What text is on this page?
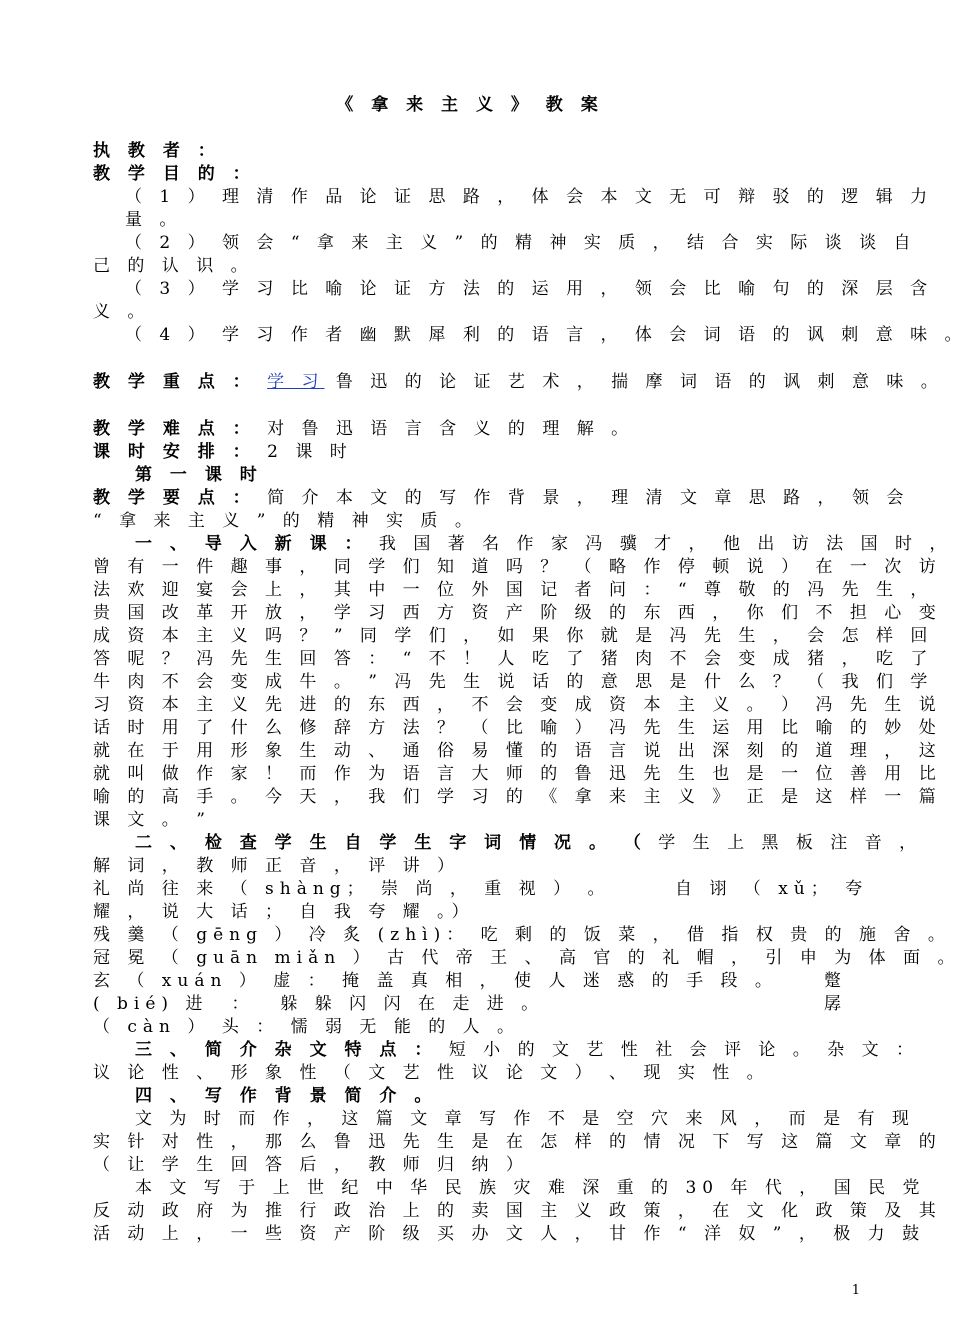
《 拿 来 主 义 》 教 案
执 教 者 ：
教 学 目 的 ：
（ 1 ） 理 清 作 品 论 证 思 路 ， 体 会 本 文 无 可 辩 驳 的 逻 辑 力
量 。
（ 2 ） 领 会 “ 拿 来 主 义 ” 的 精 神 实 质 ， 结 合 实 际 谈 谈 自
己 的 认 识 。
（ 3 ） 学 习 比 喻 论 证 方 法 的 运 用 ， 领 会 比 喻 句 的 深 层 含
义 。
（ 4 ） 学 习 作 者 幽 默 犀 利 的 语 言 ， 体 会 词 语 的 讽 刺 意 味 。
教 学 重 点 ： 学 习 鲁 迅 的 论 证 艺 术 ， 揣 摩 词 语 的 讽 刺 意 味 。
教 学 难 点 ： 对 鲁 迅 语 言 含 义 的 理 解 。
课 时 安 排 ： 2 课 时
第 一 课 时
教 学 要 点 ： 简 介 本 文 的 写 作 背 景 ， 理 清 文 章 思 路 ， 领 会
“ 拿 来 主 义 ” 的 精 神 实 质 。
一 、 导 入 新 课 ： 我 国 著 名 作 家 冯 骥 才 ， 他 出 访 法 国 时 ，
曾 有 一 件 趣 事 ， 同 学 们 知 道 吗 ？ （ 略 作 停 顿 说 ） 在 一 次 访
法 欢 迎 宴 会 上 ， 其 中 一 位 外 国 记 者 问 ： “ 尊 敬 的 冯 先 生 ，
贵 国 改 革 开 放 ， 学 习 西 方 资 产 阶 级 的 东 西 ， 你 们 不 担 心 变
成 资 本 主 义 吗 ？ ” 同 学 们 ， 如 果 你 就 是 冯 先 生 ， 会 怎 样 回
答 呢 ？ 冯 先 生 回 答 ： “ 不 ！ 人 吃 了 猪 肉 不 会 变 成 猪 ， 吃 了
牛 肉 不 会 变 成 牛 。 ” 冯 先 生 说 话 的 意 思 是 什 么 ？ （ 我 们 学
习 资 本 主 义 先 进 的 东 西 ， 不 会 变 成 资 本 主 义 。 ） 冯 先 生 说
话 时 用 了 什 么 修 辞 方 法 ？ （ 比 喻 ） 冯 先 生 运 用 比 喻 的 妙 处
就 在 于 用 形 象 生 动 、 通 俗 易 懂 的 语 言 说 出 深 刻 的 道 理 ， 这
就 叫 做 作 家 ！ 而 作 为 语 言 大 师 的 鲁 迅 先 生 也 是 一 位 善 用 比
喻 的 高 手 。 今 天 ， 我 们 学 习 的 《 拿 来 主 义 》 正 是 这 样 一 篇
课 文 。 ”
二 、 检 查 学 生 自 学 生 字 词 情 况 。 （ 学 生 上 黑 板 注 音 ，
解 词 ， 教 师 正 音 ， 评 讲 ）
礼 尚 往 来 （ shàng； 崇 尚 ， 重 视 ） 。	自 诩 （ xǔ； 夸
耀 ， 说 大 话 ； 自 我 夸 耀 。）
残 羹 （ gēng ） 冷 炙 (zhì)： 吃 剩 的 饭 菜 ， 借 指 权 贵 的 施 舍 。
冠 冕 （ guān miǎn ） 古 代 帝 王 、 高 官 的 礼 帽 ， 引 申 为 体 面 。
玄 （ xuán ） 虚 ： 掩 盖 真 相 ， 使 人 迷 惑 的 手 段 。	蹩
( bié) 进　：　 躲 躲 闪 闪 在 走 进 。	孱
（ càn ） 头 ： 懦 弱 无 能 的 人 。
三 、 简 介 杂 文 特 点 ： 短 小 的 文 艺 性 社 会 评 论 。 杂 文 ：
议 论 性 、 形 象 性 （ 文 艺 性 议 论 文 ） 、 现 实 性 。
四 、 写 作 背 景 简 介 。
文 为 时 而 作 ， 这 篇 文 章 写 作 不 是 空 穴 来 风 ， 而 是 有 现
实 针 对 性 ， 那 么 鲁 迅 先 生 是 在 怎 样 的 情 况 下 写 这 篇 文 章 的
（ 让 学 生 回 答 后 ， 教 师 归 纳 ）
本 文 写 于 上 世 纪 中 华 民 族 灾 难 深 重 的 30 年 代 ， 国 民 党
反 动 政 府 为 推 行 政 治 上 的 卖 国 主 义 政 策 ， 在 文 化 政 策 及 其
活 动 上 ， 一 些 资 产 阶 级 买 办 文 人 ， 甘 作 “ 洋 奴 ” ， 极 力 鼓
1
